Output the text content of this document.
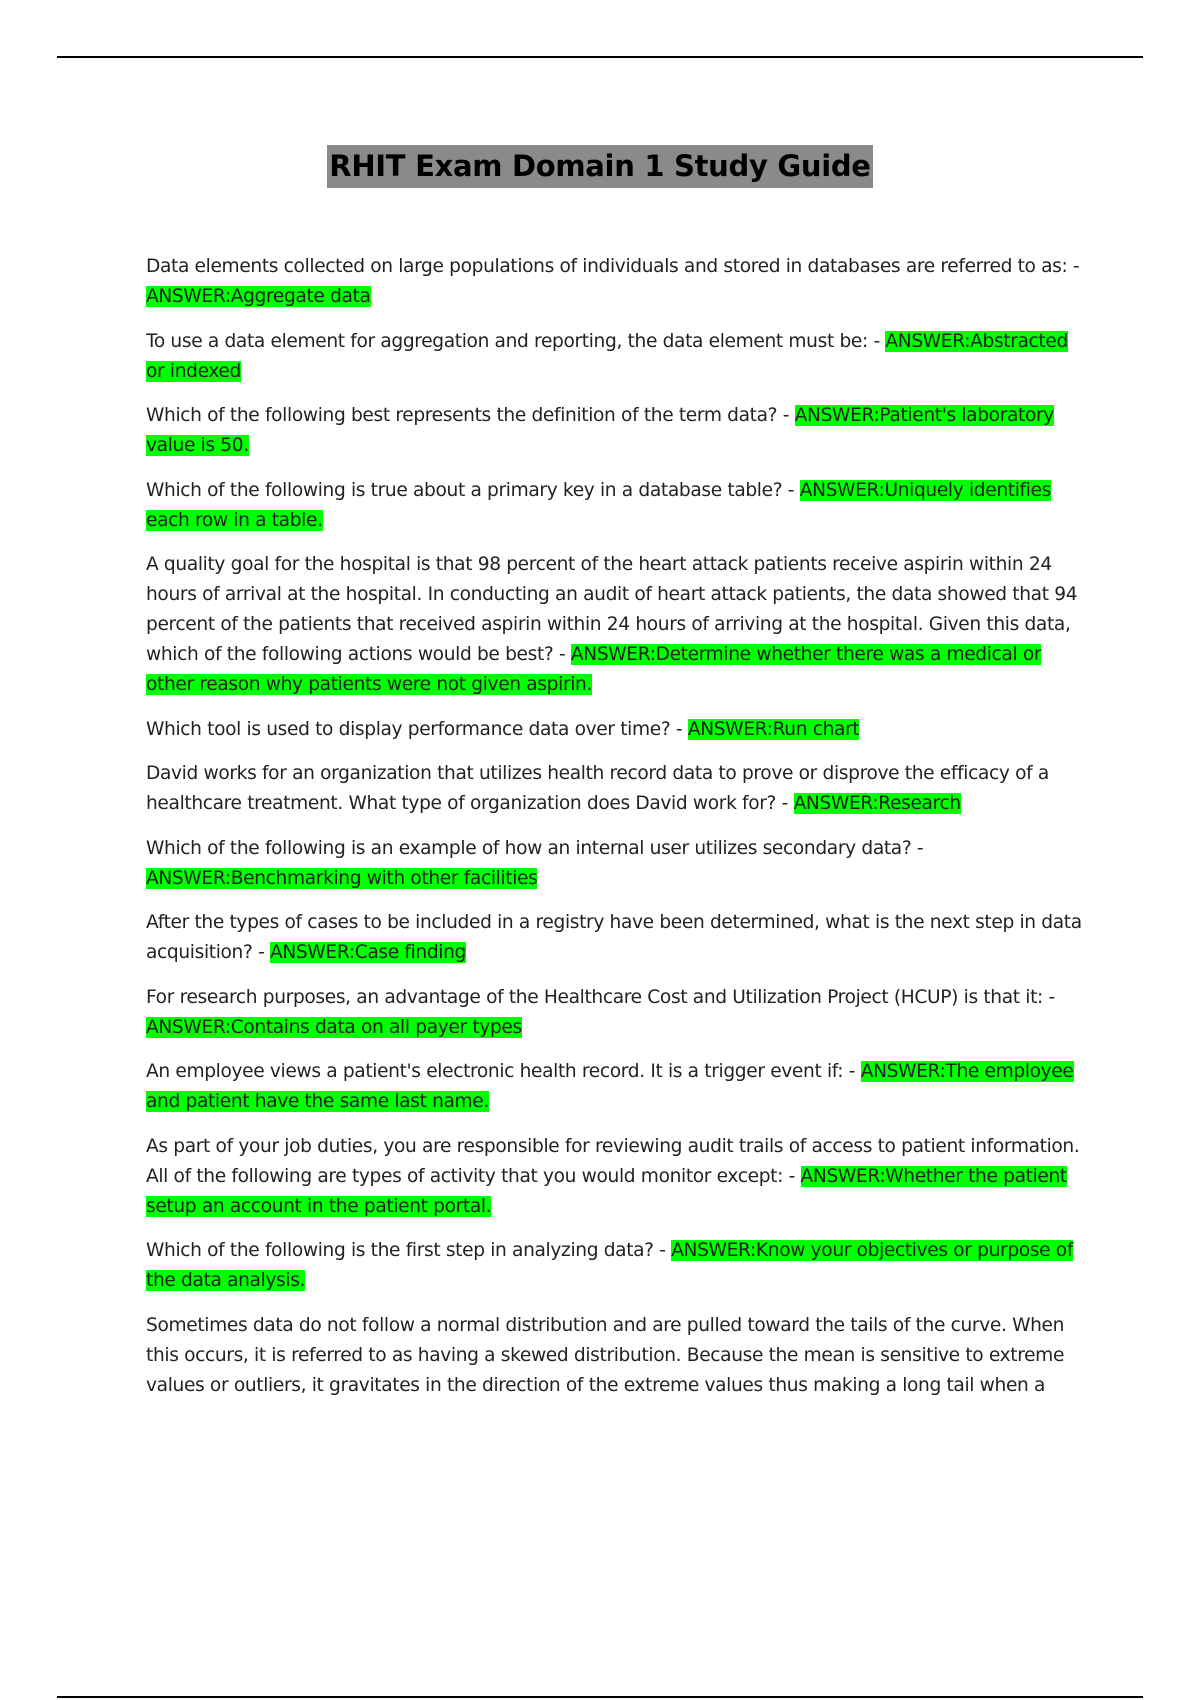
RHIT Exam Domain 1 Study Guide

Data elements collected on large populations of individuals and stored in databases are referred to as: - ANSWER:Aggregate data

To use a data element for aggregation and reporting, the data element must be: - ANSWER:Abstracted or indexed

Which of the following best represents the definition of the term data? - ANSWER:Patient's laboratory value is 50.

Which of the following is true about a primary key in a database table? - ANSWER:Uniquely identifies each row in a table.

A quality goal for the hospital is that 98 percent of the heart attack patients receive aspirin within 24 hours of arrival at the hospital. In conducting an audit of heart attack patients, the data showed that 94 percent of the patients that received aspirin within 24 hours of arriving at the hospital. Given this data, which of the following actions would be best? - ANSWER:Determine whether there was a medical or other reason why patients were not given aspirin.

Which tool is used to display performance data over time? - ANSWER:Run chart

David works for an organization that utilizes health record data to prove or disprove the efficacy of a healthcare treatment. What type of organization does David work for? - ANSWER:Research

Which of the following is an example of how an internal user utilizes secondary data? - ANSWER:Benchmarking with other facilities

After the types of cases to be included in a registry have been determined, what is the next step in data acquisition? - ANSWER:Case finding

For research purposes, an advantage of the Healthcare Cost and Utilization Project (HCUP) is that it: - ANSWER:Contains data on all payer types

An employee views a patient's electronic health record. It is a trigger event if: - ANSWER:The employee and patient have the same last name.

As part of your job duties, you are responsible for reviewing audit trails of access to patient information. All of the following are types of activity that you would monitor except: - ANSWER:Whether the patient setup an account in the patient portal.

Which of the following is the first step in analyzing data? - ANSWER:Know your objectives or purpose of the data analysis.

Sometimes data do not follow a normal distribution and are pulled toward the tails of the curve. When this occurs, it is referred to as having a skewed distribution. Because the mean is sensitive to extreme values or outliers, it gravitates in the direction of the extreme values thus making a long tail when a
